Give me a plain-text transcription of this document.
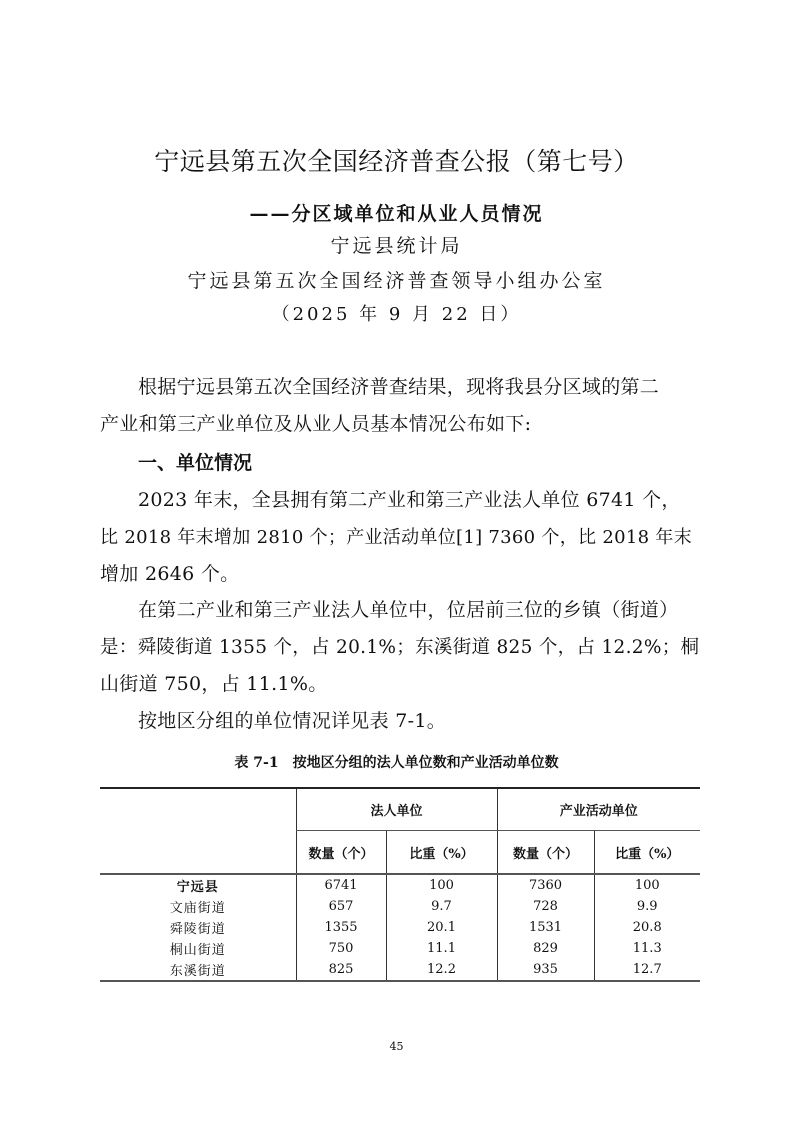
宁远县第五次全国经济普查公报（第七号）
——分区域单位和从业人员情况
宁远县统计局
宁远县第五次全国经济普查领导小组办公室
（2025 年 9 月 22 日）
根据宁远县第五次全国经济普查结果，现将我县分区域的第二
产业和第三产业单位及从业人员基本情况公布如下:
一、单位情况
2023 年末，全县拥有第二产业和第三产业法人单位 6741 个，
比 2018 年末增加 2810 个；产业活动单位[1] 7360 个，比 2018 年末
增加 2646 个。
在第二产业和第三产业法人单位中，位居前三位的乡镇（街道）
是：舜陵街道 1355 个，占 20.1%；东溪街道 825 个，占 12.2%；桐
山街道 750，占 11.1%。
按地区分组的单位情况详见表 7-1。
表 7-1　按地区分组的法人单位数和产业活动单位数
	法人单位		产业活动单位	
	数量（个）	比重（%）	数量（个）	比重（%）
宁远县	6741	100	7360	100
文庙街道	657	9.7	728	9.9
舜陵街道	1355	20.1	1531	20.8
桐山街道	750	11.1	829	11.3
东溪街道	825	12.2	935	12.7
45
